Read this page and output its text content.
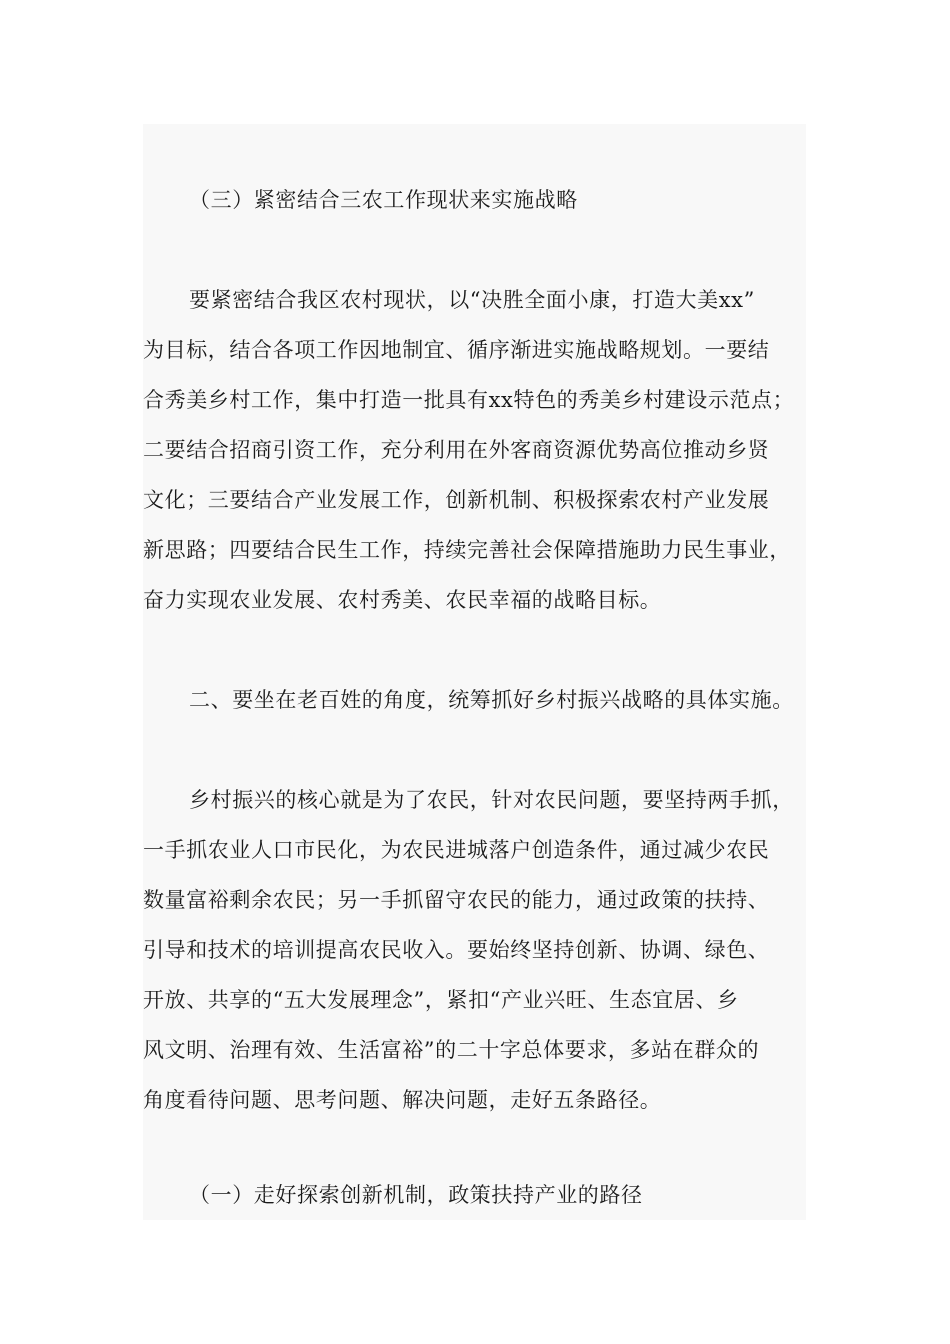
（三）紧密结合三农工作现状来实施战略
要紧密结合我区农村现状，以“决胜全面小康，打造大美xx”
为目标，结合各项工作因地制宜、循序渐进实施战略规划。一要结
合秀美乡村工作，集中打造一批具有xx特色的秀美乡村建设示范点；
二要结合招商引资工作，充分利用在外客商资源优势高位推动乡贤
文化；三要结合产业发展工作，创新机制、积极探索农村产业发展
新思路；四要结合民生工作，持续完善社会保障措施助力民生事业，
奋力实现农业发展、农村秀美、农民幸福的战略目标。
二、要坐在老百姓的角度，统筹抓好乡村振兴战略的具体实施。
乡村振兴的核心就是为了农民，针对农民问题，要坚持两手抓，
一手抓农业人口市民化，为农民进城落户创造条件，通过减少农民
数量富裕剩余农民；另一手抓留守农民的能力，通过政策的扶持、
引导和技术的培训提高农民收入。要始终坚持创新、协调、绿色、
开放、共享的“五大发展理念”，紧扣“产业兴旺、生态宜居、乡
风文明、治理有效、生活富裕”的二十字总体要求，多站在群众的
角度看待问题、思考问题、解决问题，走好五条路径。
（一）走好探索创新机制，政策扶持产业的路径
